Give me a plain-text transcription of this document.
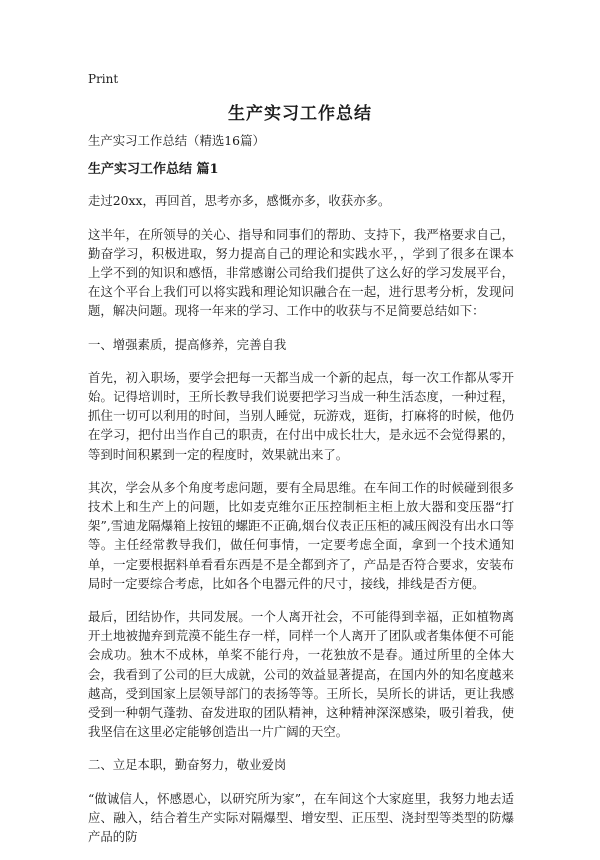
Print
生产实习工作总结

生产实习工作总结（精选16篇）

生产实习工作总结 篇1

走过20xx，再回首，思考亦多，感慨亦多，收获亦多。

这半年，在所领导的关心、指导和同事们的帮助、支持下，我严格要求自己，勤奋学习，积极进取，努力提高自己的理论和实践水平，，学到了很多在课本上学不到的知识和感悟，非常感谢公司给我们提供了这么好的学习发展平台，在这个平台上我们可以将实践和理论知识融合在一起，进行思考分析，发现问题，解决问题。现将一年来的学习、工作中的收获与不足简要总结如下：

一、增强素质，提高修养，完善自我

首先，初入职场，要学会把每一天都当成一个新的起点，每一次工作都从零开始。记得培训时，王所长教导我们说要把学习当成一种生活态度，一种过程，抓住一切可以利用的时间，当别人睡觉，玩游戏，逛街，打麻将的时候，他仍在学习，把付出当作自己的职责，在付出中成长壮大，是永远不会觉得累的，等到时间积累到一定的程度时，效果就出来了。

其次，学会从多个角度考虑问题，要有全局思维。在车间工作的时候碰到很多技术上和生产上的问题，比如麦克维尔正压控制柜主柜上放大器和变压器“打架”,雪迪龙隔爆箱上按钮的螺距不正确,烟台仪表正压柜的减压阀没有出水口等等。主任经常教导我们，做任何事情，一定要考虑全面，拿到一个技术通知单，一定要根据料单看看东西是不是全都到齐了，产品是否符合要求，安装布局时一定要综合考虑，比如各个电器元件的尺寸，接线，排线是否方便。

最后，团结协作，共同发展。一个人离开社会，不可能得到幸福，正如植物离开土地被抛弃到荒漠不能生存一样，同样一个人离开了团队或者集体便不可能会成功。独木不成林，单桨不能行舟，一花独放不是春。通过所里的全体大会，我看到了公司的巨大成就，公司的效益显著提高，在国内外的知名度越来越高，受到国家上层领导部门的表扬等等。王所长，吴所长的讲话，更让我感受到一种朝气蓬勃、奋发进取的团队精神，这种精神深深感染，吸引着我，使我坚信在这里必定能够创造出一片广阔的天空。

二、立足本职，勤奋努力，敬业爱岗

“做诚信人，怀感恩心，以研究所为家”，在车间这个大家庭里，我努力地去适应、融入，结合着生产实际对隔爆型、增安型、正压型、浇封型等类型的防爆产品的防
